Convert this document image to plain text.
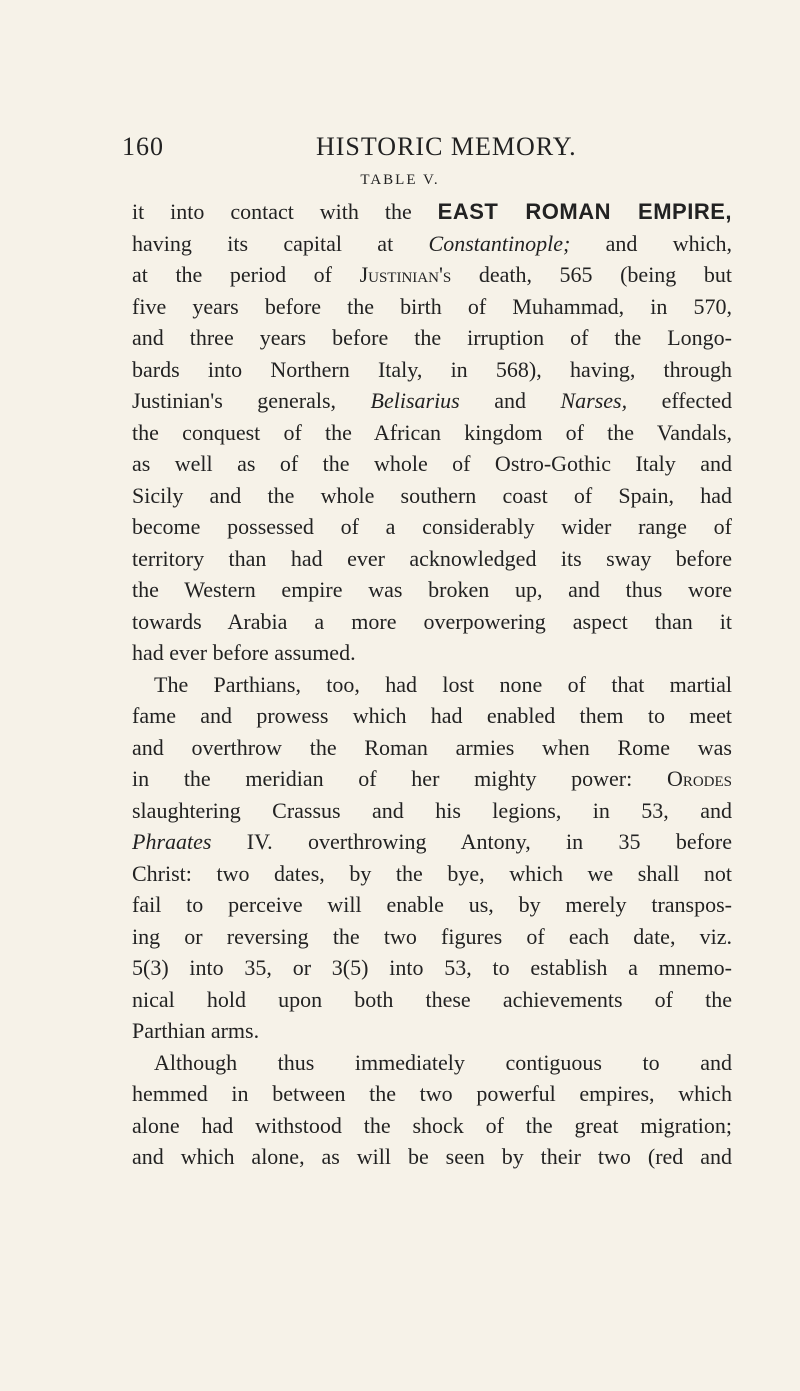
160	HISTORIC MEMORY.
TABLE V.
it into contact with the EAST ROMAN EMPIRE,
having its capital at Constantinople; and which,
at the period of Justinian's death, 565 (being but
five years before the birth of Muhammad, in 570,
and three years before the irruption of the Longo-
bards into Northern Italy, in 568), having, through
Justinian's generals, Belisarius and Narses, effected
the conquest of the African kingdom of the Vandals,
as well as of the whole of Ostro-Gothic Italy and
Sicily and the whole southern coast of Spain, had
become possessed of a considerably wider range of
territory than had ever acknowledged its sway before
the Western empire was broken up, and thus wore
towards Arabia a more overpowering aspect than it
had ever before assumed.
The Parthians, too, had lost none of that martial
fame and prowess which had enabled them to meet
and overthrow the Roman armies when Rome was
in the meridian of her mighty power: Orodes
slaughtering Crassus and his legions, in 53, and
Phraates IV. overthrowing Antony, in 35 before
Christ: two dates, by the bye, which we shall not
fail to perceive will enable us, by merely transpos-
ing or reversing the two figures of each date, viz.
5(3) into 35, or 3(5) into 53, to establish a mnemo-
nical hold upon both these achievements of the
Parthian arms.
Although thus immediately contiguous to and
hemmed in between the two powerful empires, which
alone had withstood the shock of the great migration;
and which alone, as will be seen by their two (red and
